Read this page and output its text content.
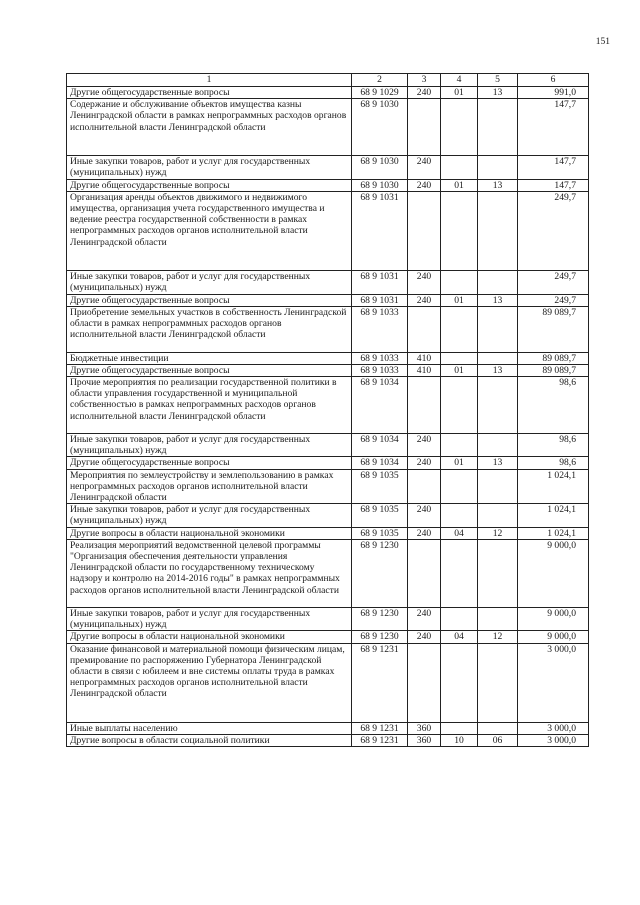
151
1	2	3	4	5	6
Другие общегосударственные вопросы	68 9 1029	240	01	13	991,0
Содержание и обслуживание объектов имущества казны Ленинградской области в рамках непрограммных расходов органов исполнительной власти Ленинградской области	68 9 1030				147,7
Иные закупки товаров, работ и услуг для государственных (муниципальных) нужд	68 9 1030	240			147,7
Другие общегосударственные вопросы	68 9 1030	240	01	13	147,7
Организация аренды объектов движимого и недвижимого имущества, организация учета государственного имущества и ведение реестра государственной собственности в рамках непрограммных расходов органов исполнительной власти Ленинградской области	68 9 1031				249,7
Иные закупки товаров, работ и услуг для государственных (муниципальных) нужд	68 9 1031	240			249,7
Другие общегосударственные вопросы	68 9 1031	240	01	13	249,7
Приобретение земельных участков в собственность Ленинградской области в рамках непрограммных расходов органов исполнительной власти Ленинградской области	68 9 1033				89 089,7
Бюджетные инвестиции	68 9 1033	410			89 089,7
Другие общегосударственные вопросы	68 9 1033	410	01	13	89 089,7
Прочие мероприятия по реализации государственной политики в области управления государственной и муниципальной собственностью в рамках непрограммных расходов органов исполнительной власти Ленинградской области	68 9 1034				98,6
Иные закупки товаров, работ и услуг для государственных (муниципальных) нужд	68 9 1034	240			98,6
Другие общегосударственные вопросы	68 9 1034	240	01	13	98,6
Мероприятия по землеустройству и землепользованию в рамках непрограммных расходов органов исполнительной власти Ленинградской области	68 9 1035				1 024,1
Иные закупки товаров, работ и услуг для государственных (муниципальных) нужд	68 9 1035	240			1 024,1
Другие вопросы в области национальной экономики	68 9 1035	240	04	12	1 024,1
Реализация мероприятий ведомственной целевой программы "Организация обеспечения деятельности управления Ленинградской области по государственному техническому надзору и контролю на 2014-2016 годы" в рамках непрограммных расходов органов исполнительной власти Ленинградской области	68 9 1230				9 000,0
Иные закупки товаров, работ и услуг для государственных (муниципальных) нужд	68 9 1230	240			9 000,0
Другие вопросы в области национальной экономики	68 9 1230	240	04	12	9 000,0
Оказание финансовой и материальной помощи физическим лицам, премирование по распоряжению Губернатора Ленинградской области в связи с юбилеем и вне системы оплаты труда в рамках непрограммных расходов органов исполнительной власти Ленинградской области	68 9 1231				3 000,0
Иные выплаты населению	68 9 1231	360			3 000,0
Другие вопросы в области социальной политики	68 9 1231	360	10	06	3 000,0
